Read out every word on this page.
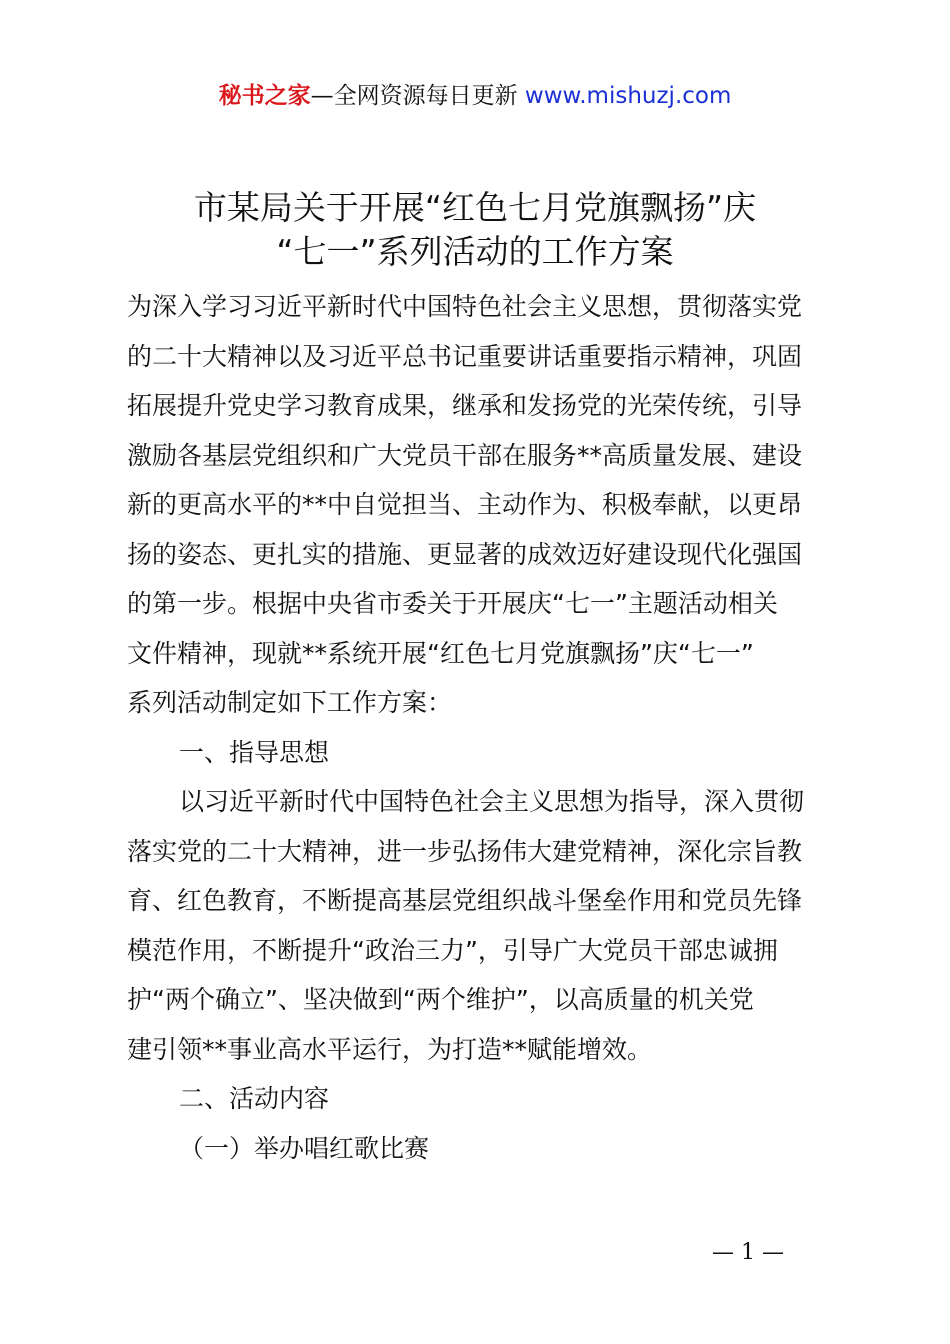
秘书之家—全网资源每日更新 www.mishuzj.com
市某局关于开展“红色七月党旗飘扬”庆
“七一”系列活动的工作方案
为深入学习习近平新时代中国特色社会主义思想，贯彻落实党
的二十大精神以及习近平总书记重要讲话重要指示精神，巩固
拓展提升党史学习教育成果，继承和发扬党的光荣传统，引导
激励各基层党组织和广大党员干部在服务**高质量发展、建设
新的更高水平的**中自觉担当、主动作为、积极奉献，以更昂
扬的姿态、更扎实的措施、更显著的成效迈好建设现代化强国
的第一步。根据中央省市委关于开展庆“七一”主题活动相关
文件精神，现就**系统开展“红色七月党旗飘扬”庆“七一”
系列活动制定如下工作方案：
一、指导思想
以习近平新时代中国特色社会主义思想为指导，深入贯彻
落实党的二十大精神，进一步弘扬伟大建党精神，深化宗旨教
育、红色教育，不断提高基层党组织战斗堡垒作用和党员先锋
模范作用，不断提升“政治三力”，引导广大党员干部忠诚拥
护“两个确立”、坚决做到“两个维护”，以高质量的机关党
建引领**事业高水平运行，为打造**赋能增效。
二、活动内容
（一）举办唱红歌比赛
— 1 —
